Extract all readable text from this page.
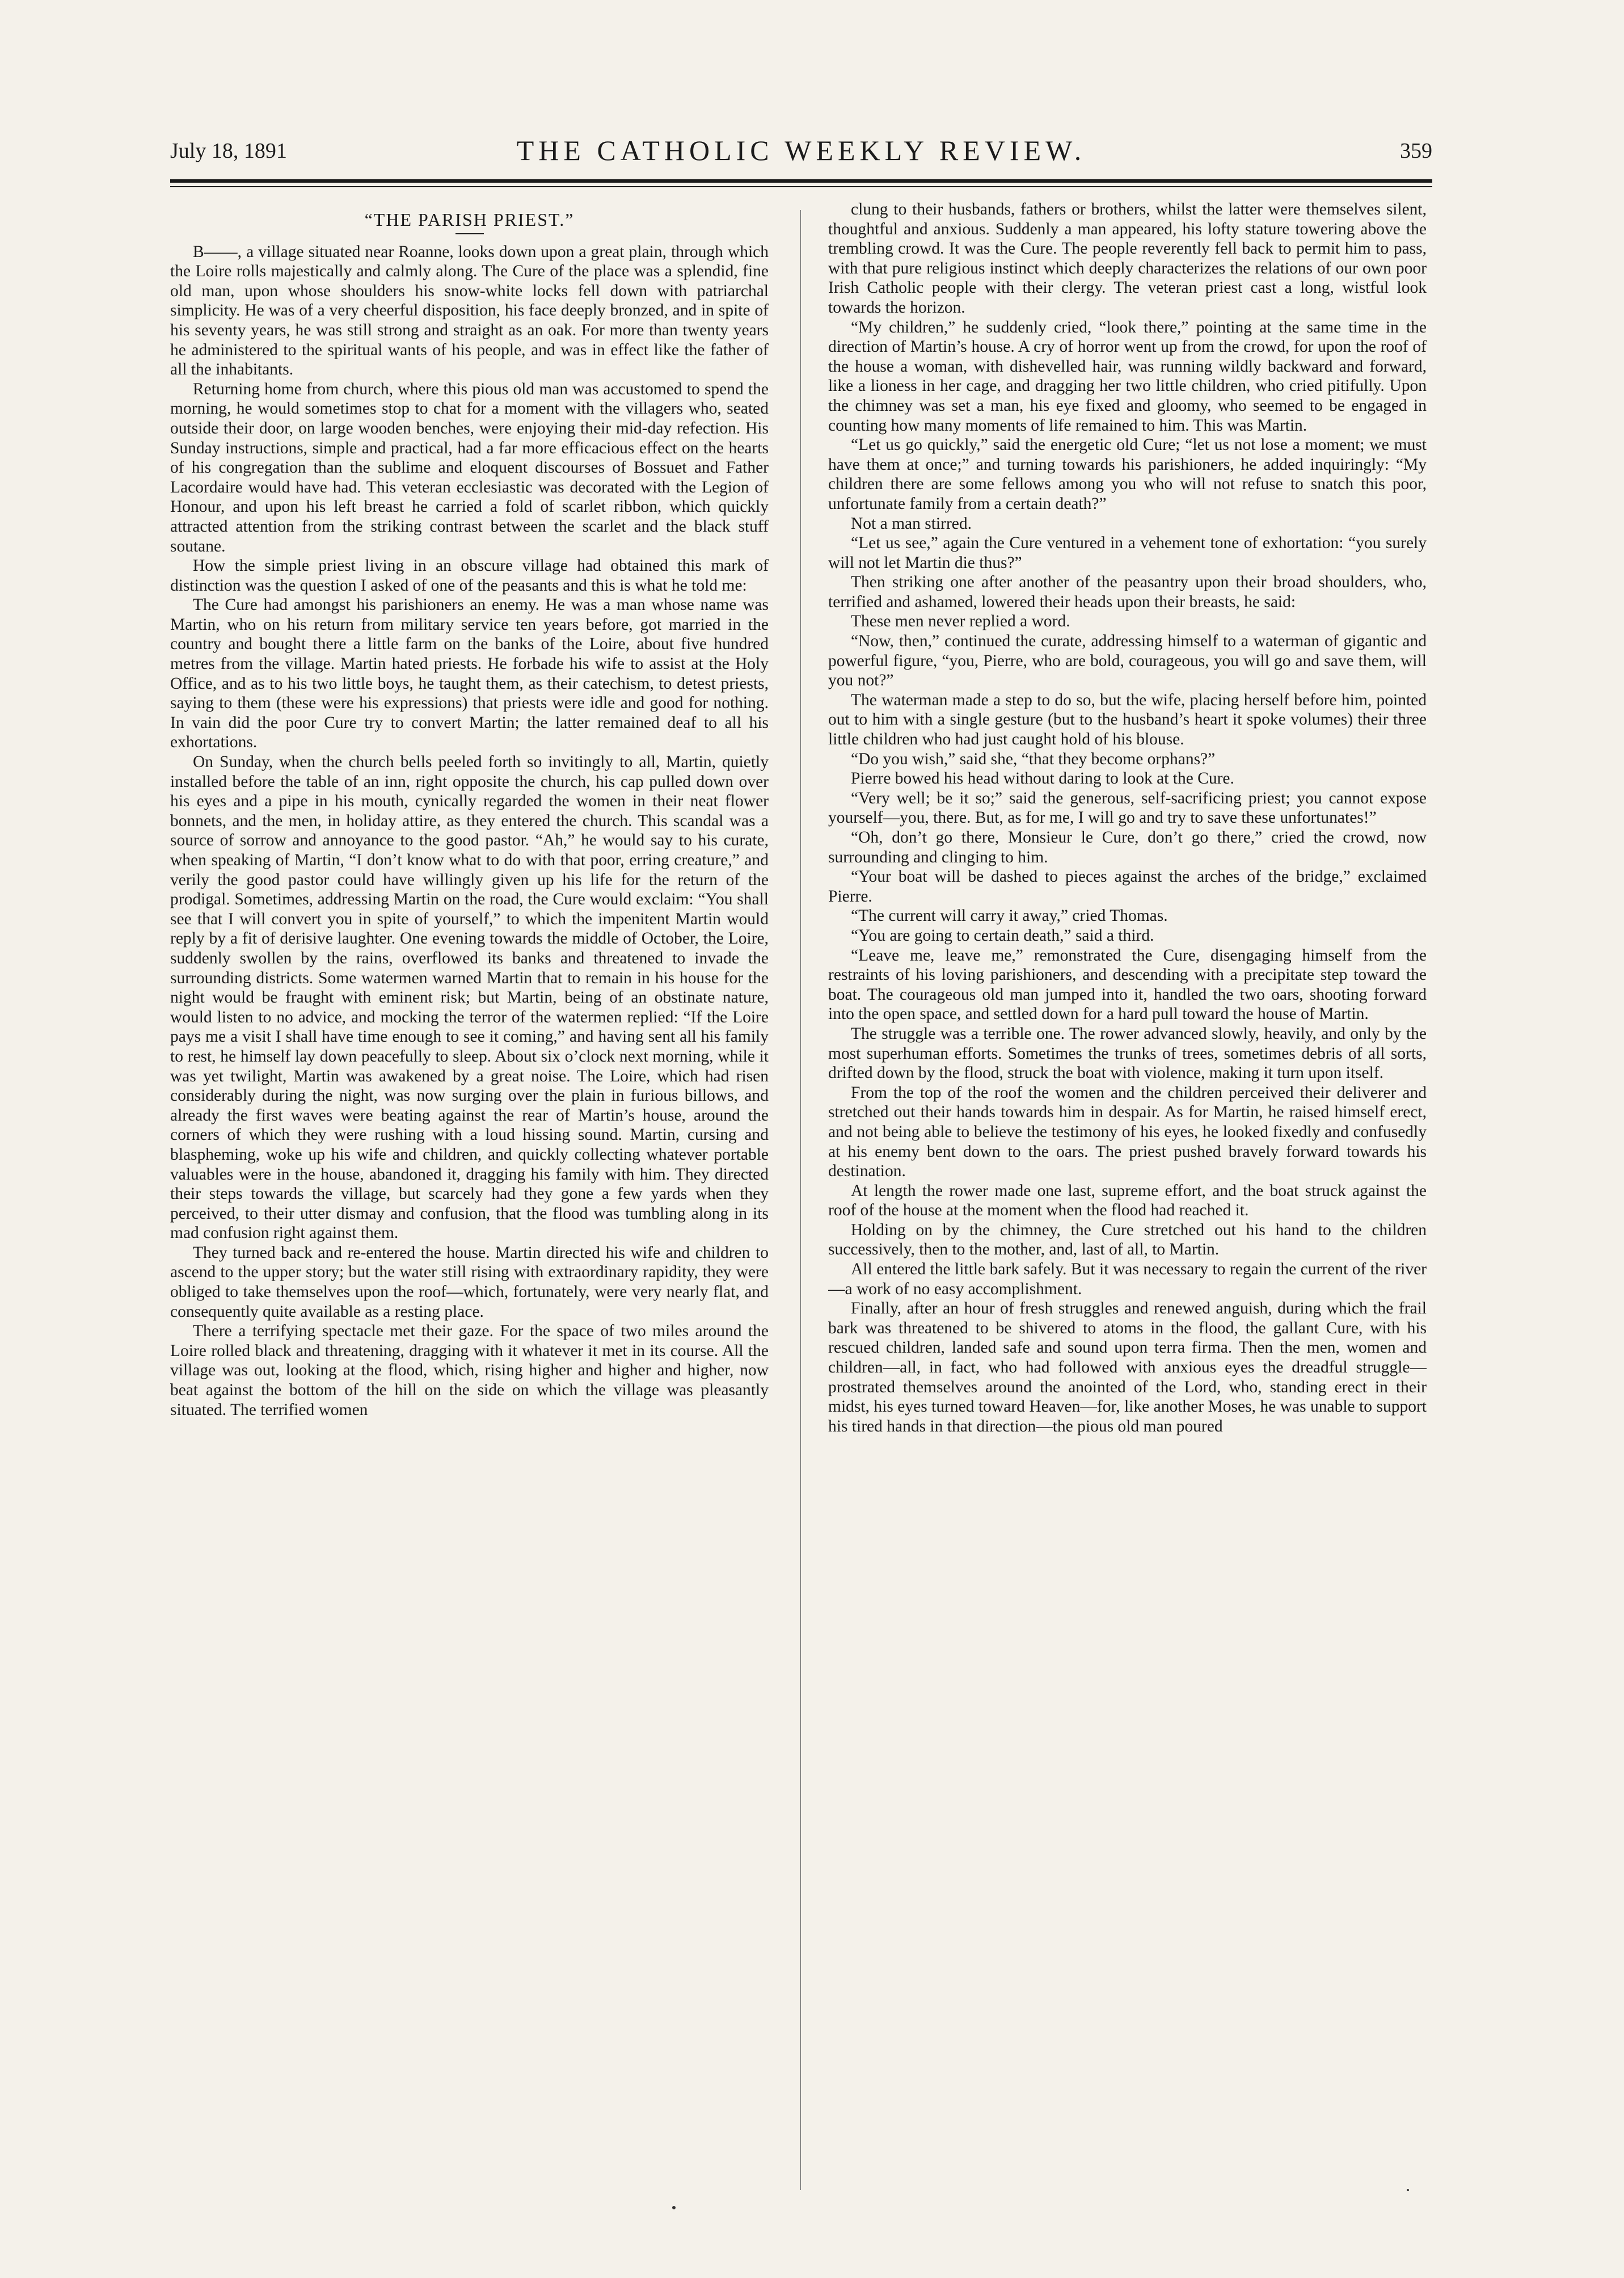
July 18, 1891	THE CATHOLIC WEEKLY REVIEW.	359
“THE PARISH PRIEST.”

B——, a village situated near Roanne, looks down upon a great plain, through which the Loire rolls majestically and calmly along. The Cure of the place was a splendid, fine old man, upon whose shoulders his snow-white locks fell down with patriarchal simplicity. He was of a very cheerful disposition, his face deeply bronzed, and in spite of his seventy years, he was still strong and straight as an oak. For more than twenty years he administered to the spiritual wants of his people, and was in effect like the father of all the inhabitants.

Returning home from church, where this pious old man was accustomed to spend the morning, he would sometimes stop to chat for a moment with the villagers who, seated outside their door, on large wooden benches, were enjoying their mid-day refection. His Sunday instructions, simple and practical, had a far more efficacious effect on the hearts of his congregation than the sublime and eloquent discourses of Bossuet and Father Lacordaire would have had. This veteran ecclesiastic was decorated with the Legion of Honour, and upon his left breast he carried a fold of scarlet ribbon, which quickly attracted attention from the striking contrast between the scarlet and the black stuff soutane.

How the simple priest living in an obscure village had obtained this mark of distinction was the question I asked of one of the peasants and this is what he told me:

The Cure had amongst his parishioners an enemy. He was a man whose name was Martin, who on his return from military service ten years before, got married in the country and bought there a little farm on the banks of the Loire, about five hundred metres from the village. Martin hated priests. He forbade his wife to assist at the Holy Office, and as to his two little boys, he taught them, as their catechism, to detest priests, saying to them (these were his expressions) that priests were idle and good for nothing. In vain did the poor Cure try to convert Martin; the latter remained deaf to all his exhortations.

On Sunday, when the church bells peeled forth so invitingly to all, Martin, quietly installed before the table of an inn, right opposite the church, his cap pulled down over his eyes and a pipe in his mouth, cynically regarded the women in their neat flower bonnets, and the men, in holiday attire, as they entered the church. This scandal was a source of sorrow and annoyance to the good pastor. “Ah,” he would say to his curate, when speaking of Martin, “I don’t know what to do with that poor, erring creature,” and verily the good pastor could have willingly given up his life for the return of the prodigal. Sometimes, addressing Martin on the road, the Cure would exclaim: “You shall see that I will convert you in spite of yourself,” to which the impenitent Martin would reply by a fit of derisive laughter. One evening towards the middle of October, the Loire, suddenly swollen by the rains, overflowed its banks and threatened to invade the surrounding districts. Some watermen warned Martin that to remain in his house for the night would be fraught with eminent risk; but Martin, being of an obstinate nature, would listen to no advice, and mocking the terror of the watermen replied: “If the Loire pays me a visit I shall have time enough to see it coming,” and having sent all his family to rest, he himself lay down peacefully to sleep. About six o’clock next morning, while it was yet twilight, Martin was awakened by a great noise. The Loire, which had risen considerably during the night, was now surging over the plain in furious billows, and already the first waves were beating against the rear of Martin’s house, around the corners of which they were rushing with a loud hissing sound. Martin, cursing and blaspheming, woke up his wife and children, and quickly collecting whatever portable valuables were in the house, abandoned it, dragging his family with him. They directed their steps towards the village, but scarcely had they gone a few yards when they perceived, to their utter dismay and confusion, that the flood was tumbling along in its mad confusion right against them.

They turned back and re-entered the house. Martin directed his wife and children to ascend to the upper story; but the water still rising with extraordinary rapidity, they were obliged to take themselves upon the roof—which, fortunately, were very nearly flat, and consequently quite available as a resting place.

There a terrifying spectacle met their gaze. For the space of two miles around the Loire rolled black and threatening, dragging with it whatever it met in its course. All the village was out, looking at the flood, which, rising higher and higher and higher, now beat against the bottom of the hill on the side on which the village was pleasantly situated. The terrified women

clung to their husbands, fathers or brothers, whilst the latter were themselves silent, thoughtful and anxious. Suddenly a man appeared, his lofty stature towering above the trembling crowd. It was the Cure. The people reverently fell back to permit him to pass, with that pure religious instinct which deeply characterizes the relations of our own poor Irish Catholic people with their clergy. The veteran priest cast a long, wistful look towards the horizon.

“My children,” he suddenly cried, “look there,” pointing at the same time in the direction of Martin’s house. A cry of horror went up from the crowd, for upon the roof of the house a woman, with dishevelled hair, was running wildly backward and forward, like a lioness in her cage, and dragging her two little children, who cried pitifully. Upon the chimney was set a man, his eye fixed and gloomy, who seemed to be engaged in counting how many moments of life remained to him. This was Martin.

“Let us go quickly,” said the energetic old Cure; “let us not lose a moment; we must have them at once;” and turning towards his parishioners, he added inquiringly: “My children there are some fellows among you who will not refuse to snatch this poor, unfortunate family from a certain death?”

Not a man stirred.

“Let us see,” again the Cure ventured in a vehement tone of exhortation: “you surely will not let Martin die thus?”

Then striking one after another of the peasantry upon their broad shoulders, who, terrified and ashamed, lowered their heads upon their breasts, he said:

These men never replied a word.

“Now, then,” continued the curate, addressing himself to a waterman of gigantic and powerful figure, “you, Pierre, who are bold, courageous, you will go and save them, will you not?”

The waterman made a step to do so, but the wife, placing herself before him, pointed out to him with a single gesture (but to the husband’s heart it spoke volumes) their three little children who had just caught hold of his blouse.

“Do you wish,” said she, “that they become orphans?”

Pierre bowed his head without daring to look at the Cure.

“Very well; be it so;” said the generous, self-sacrificing priest; you cannot expose yourself—you, there. But, as for me, I will go and try to save these unfortunates!”

“Oh, don’t go there, Monsieur le Cure, don’t go there,” cried the crowd, now surrounding and clinging to him.

“Your boat will be dashed to pieces against the arches of the bridge,” exclaimed Pierre.

“The current will carry it away,” cried Thomas.

“You are going to certain death,” said a third.

“Leave me, leave me,” remonstrated the Cure, disengaging himself from the restraints of his loving parishioners, and descending with a precipitate step toward the boat. The courageous old man jumped into it, handled the two oars, shooting forward into the open space, and settled down for a hard pull toward the house of Martin.

The struggle was a terrible one. The rower advanced slowly, heavily, and only by the most superhuman efforts. Sometimes the trunks of trees, sometimes debris of all sorts, drifted down by the flood, struck the boat with violence, making it turn upon itself.

From the top of the roof the women and the children perceived their deliverer and stretched out their hands towards him in despair. As for Martin, he raised himself erect, and not being able to believe the testimony of his eyes, he looked fixedly and confusedly at his enemy bent down to the oars. The priest pushed bravely forward towards his destination.

At length the rower made one last, supreme effort, and the boat struck against the roof of the house at the moment when the flood had reached it.

Holding on by the chimney, the Cure stretched out his hand to the children successively, then to the mother, and, last of all, to Martin.

All entered the little bark safely. But it was necessary to regain the current of the river—a work of no easy accomplishment.

Finally, after an hour of fresh struggles and renewed anguish, during which the frail bark was threatened to be shivered to atoms in the flood, the gallant Cure, with his rescued children, landed safe and sound upon terra firma. Then the men, women and children—all, in fact, who had followed with anxious eyes the dreadful struggle—prostrated themselves around the anointed of the Lord, who, standing erect in their midst, his eyes turned toward Heaven—for, like another Moses, he was unable to support his tired hands in that direction—the pious old man poured
